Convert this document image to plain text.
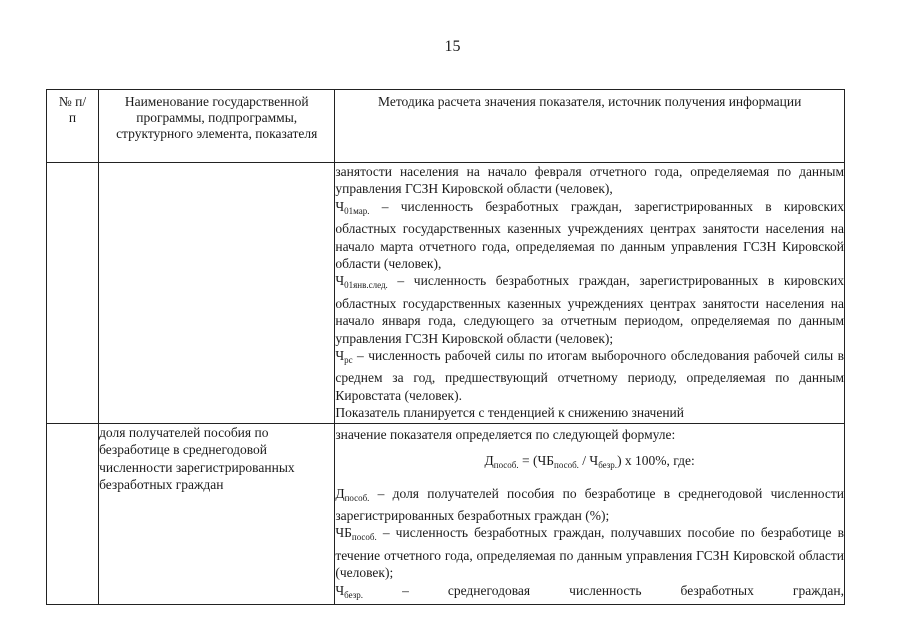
15
№ п/п	Наименование государственной программы, подпрограммы, структурного элемента, показателя	Методика расчета значения показателя, источник получения информации

		занятости населения на начало февраля отчетного года, определяемая по данным управления ГСЗН Кировской области (человек),

$Ч_{01мар.}$ – численность безработных граждан, зарегистрированных в кировских областных государственных казенных учреждениях центрах занятости населения на начало марта отчетного года, определяемая по данным управления ГСЗН Кировской области (человек),

$Ч_{01янв.след.}$ – численность безработных граждан, зарегистрированных в кировских областных государственных казенных учреждениях центрах занятости населения на начало января года, следующего за отчетным периодом, определяемая по данным управления ГСЗН Кировской области (человек);

$Ч_{рс}$ – численность рабочей силы по итогам выборочного обследования рабочей силы в среднем за год, предшествующий отчетному периоду, определяемая по данным Кировстата (человек).

Показатель планируется с тенденцией к снижению значений

	доля получателей пособия по безработице в среднегодовой численности зарегистрированных безработных граждан	значение показателя определяется по следующей формуле:

$Д_{пособ.} = (ЧБ_{пособ.} / Ч_{безр.})$ х 100%, где:

$Д_{пособ.}$ – доля получателей пособия по безработице в среднегодовой численности зарегистрированных безработных граждан (%);

$ЧБ_{пособ.}$ – численность безработных граждан, получавших пособие по безработице в течение отчетного года, определяемая по данным управления ГСЗН Кировской области (человек);

$Ч_{безр.}$ – среднегодовая численность безработных граждан,
